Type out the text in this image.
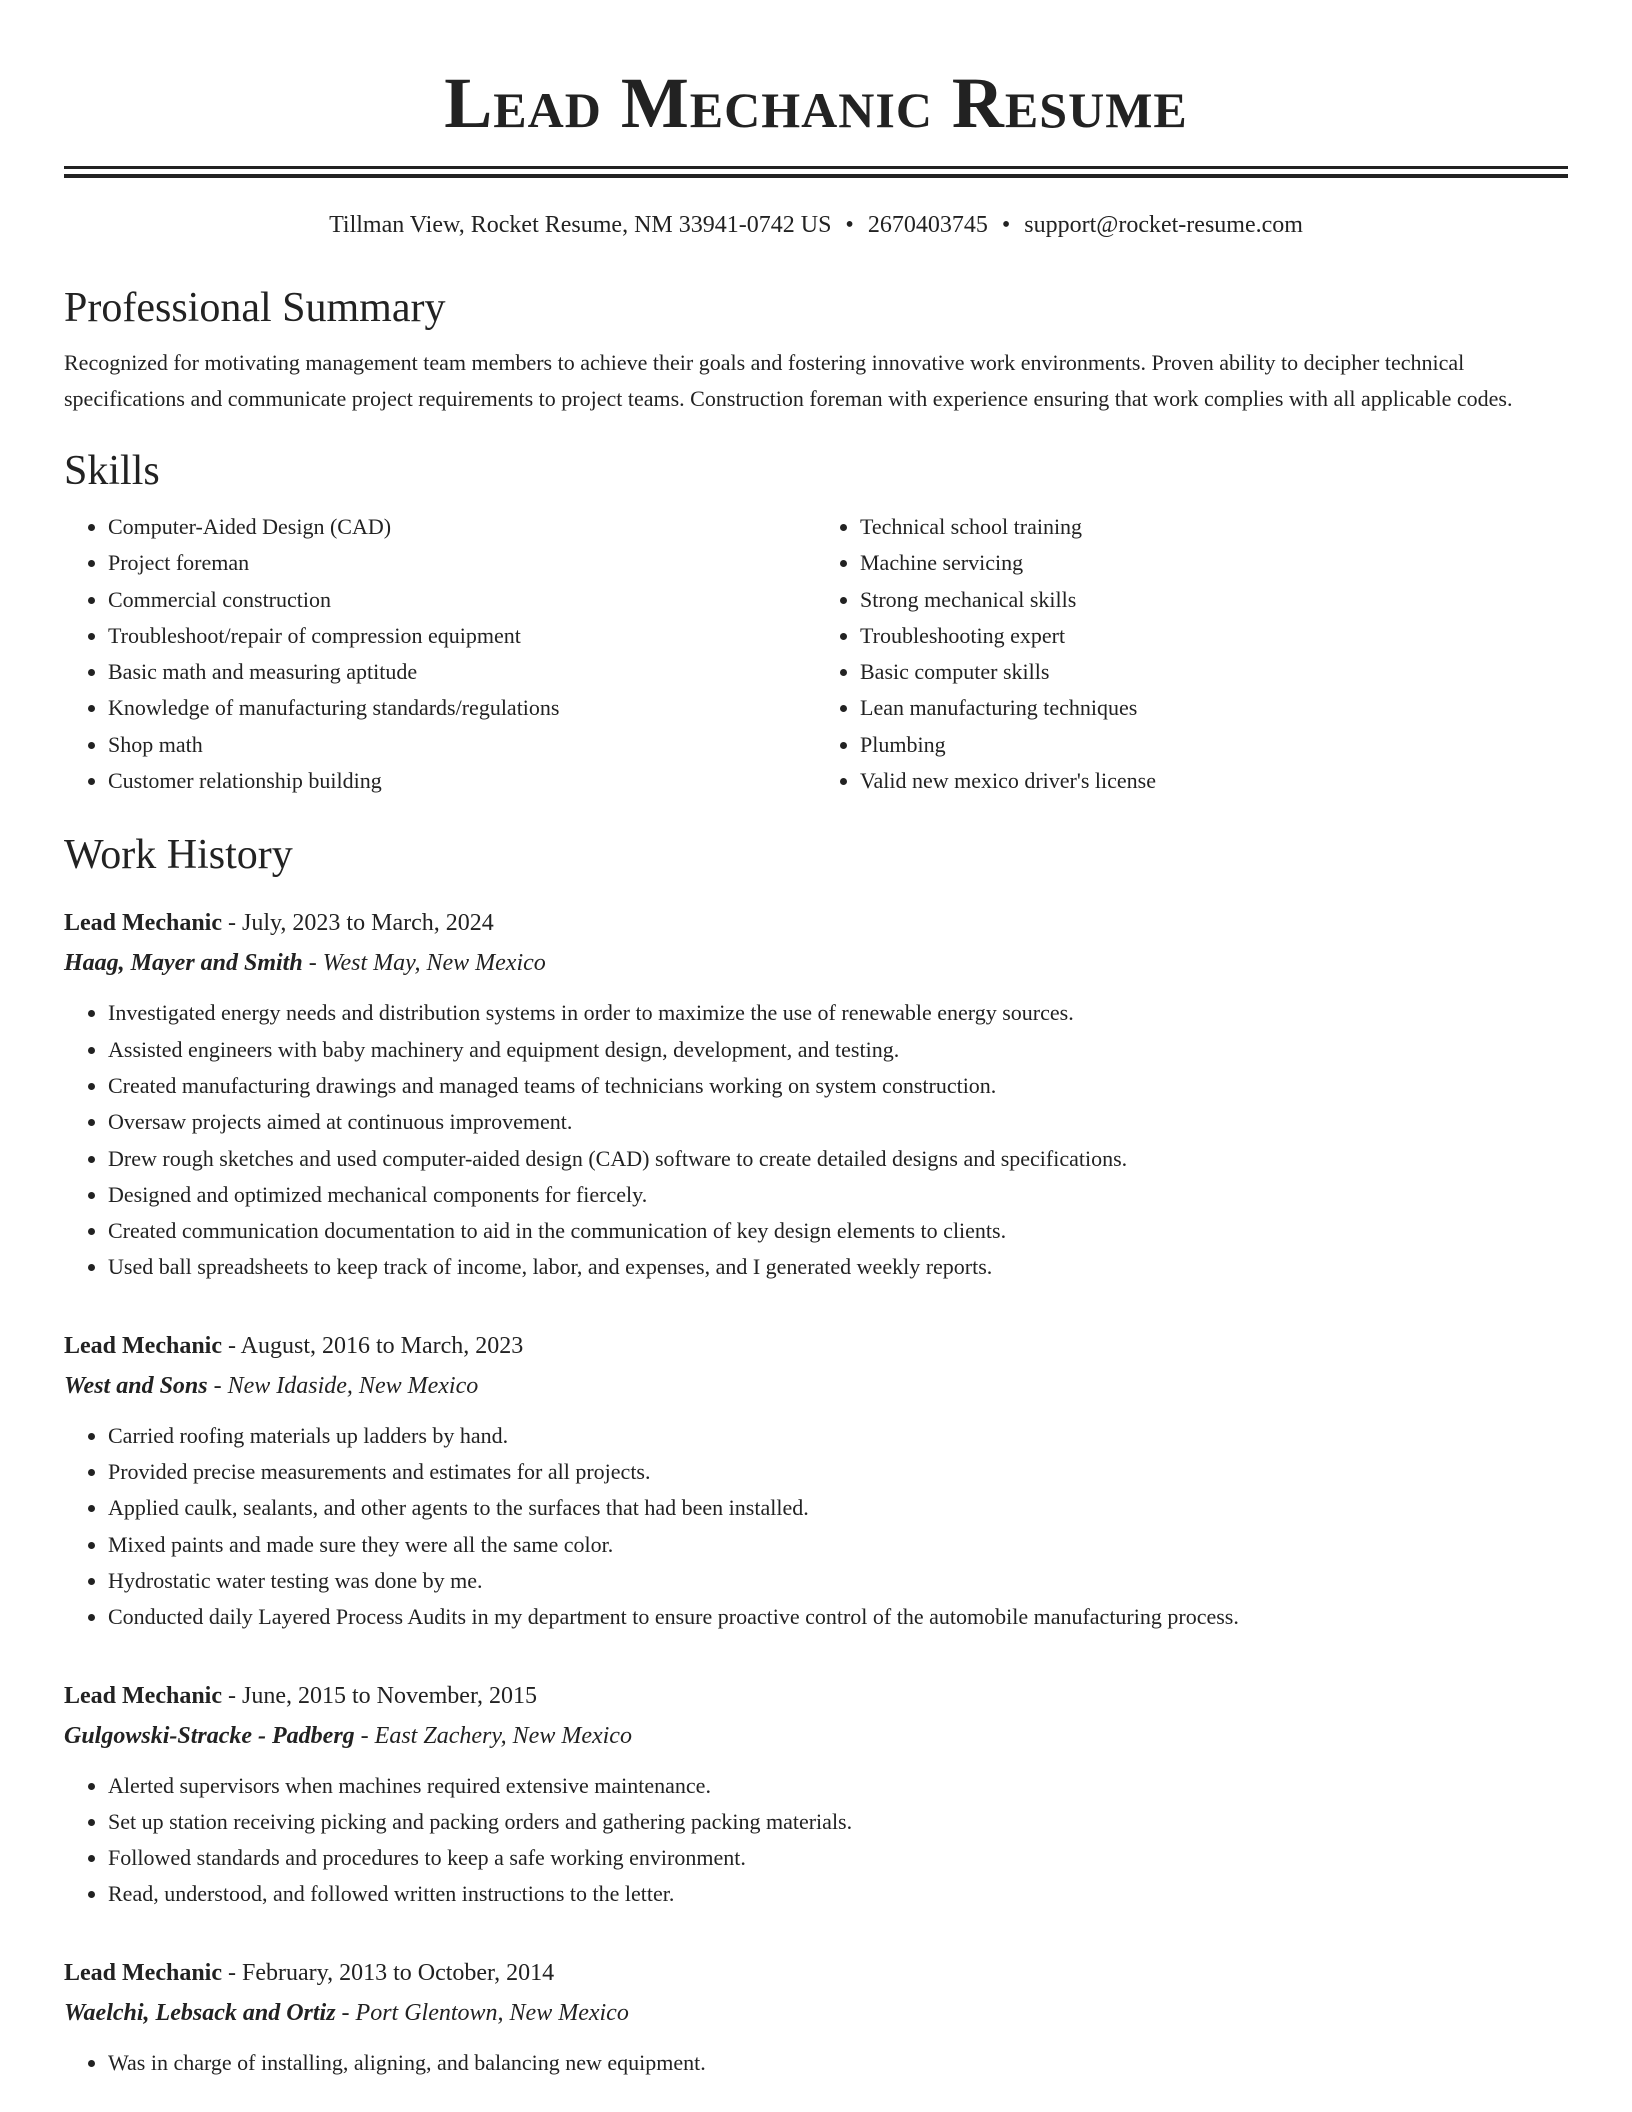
Lead Mechanic Resume
Tillman View, Rocket Resume, NM 33941-0742 US • 2670403745 • support@rocket-resume.com
Professional Summary
Recognized for motivating management team members to achieve their goals and fostering innovative work environments. Proven ability to decipher technical specifications and communicate project requirements to project teams. Construction foreman with experience ensuring that work complies with all applicable codes.
Skills
• Computer-Aided Design (CAD)
• Project foreman
• Commercial construction
• Troubleshoot/repair of compression equipment
• Basic math and measuring aptitude
• Knowledge of manufacturing standards/regulations
• Shop math
• Customer relationship building
• Technical school training
• Machine servicing
• Strong mechanical skills
• Troubleshooting expert
• Basic computer skills
• Lean manufacturing techniques
• Plumbing
• Valid new mexico driver's license
Work History
Lead Mechanic - July, 2023 to March, 2024
Haag, Mayer and Smith - West May, New Mexico
• Investigated energy needs and distribution systems in order to maximize the use of renewable energy sources.
• Assisted engineers with baby machinery and equipment design, development, and testing.
• Created manufacturing drawings and managed teams of technicians working on system construction.
• Oversaw projects aimed at continuous improvement.
• Drew rough sketches and used computer-aided design (CAD) software to create detailed designs and specifications.
• Designed and optimized mechanical components for fiercely.
• Created communication documentation to aid in the communication of key design elements to clients.
• Used ball spreadsheets to keep track of income, labor, and expenses, and I generated weekly reports.
Lead Mechanic - August, 2016 to March, 2023
West and Sons - New Idaside, New Mexico
• Carried roofing materials up ladders by hand.
• Provided precise measurements and estimates for all projects.
• Applied caulk, sealants, and other agents to the surfaces that had been installed.
• Mixed paints and made sure they were all the same color.
• Hydrostatic water testing was done by me.
• Conducted daily Layered Process Audits in my department to ensure proactive control of the automobile manufacturing process.
Lead Mechanic - June, 2015 to November, 2015
Gulgowski-Stracke - Padberg - East Zachery, New Mexico
• Alerted supervisors when machines required extensive maintenance.
• Set up station receiving picking and packing orders and gathering packing materials.
• Followed standards and procedures to keep a safe working environment.
• Read, understood, and followed written instructions to the letter.
Lead Mechanic - February, 2013 to October, 2014
Waelchi, Lebsack and Ortiz - Port Glentown, New Mexico
• Was in charge of installing, aligning, and balancing new equipment.
